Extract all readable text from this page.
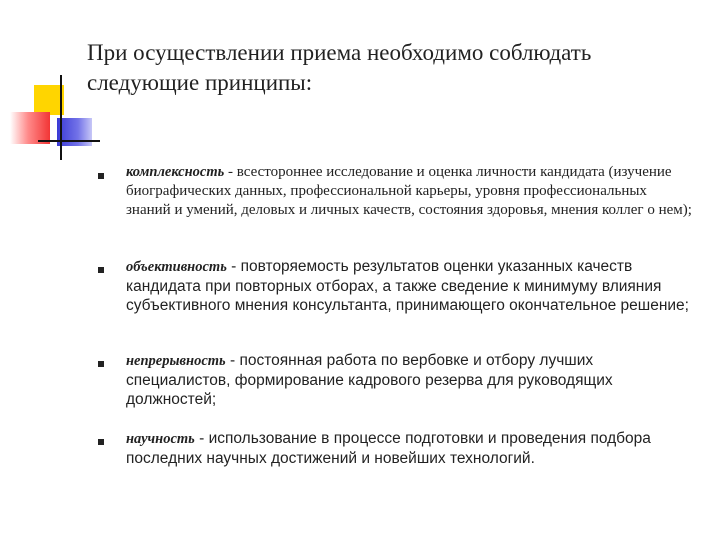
При осуществлении приема необходимо соблюдать
следующие принципы:
комплексность - всестороннее исследование и оценка личности кандидата (изучение биографических данных, профессиональной карьеры, уровня профессиональных знаний и умений, деловых и личных качеств, состояния здоровья, мнения коллег о нем);
объективность - повторяемость результатов оценки указанных качеств кандидата при повторных отборах, а также сведение к минимуму влияния субъективного мнения консультанта, принимающего окончательное решение;
непрерывность - постоянная работа по вербовке и отбору лучших специалистов, формирование кадрового резерва для руководящих должностей;
научность - использование в процессе подготовки и проведения подбора последних научных достижений и новейших технологий.
